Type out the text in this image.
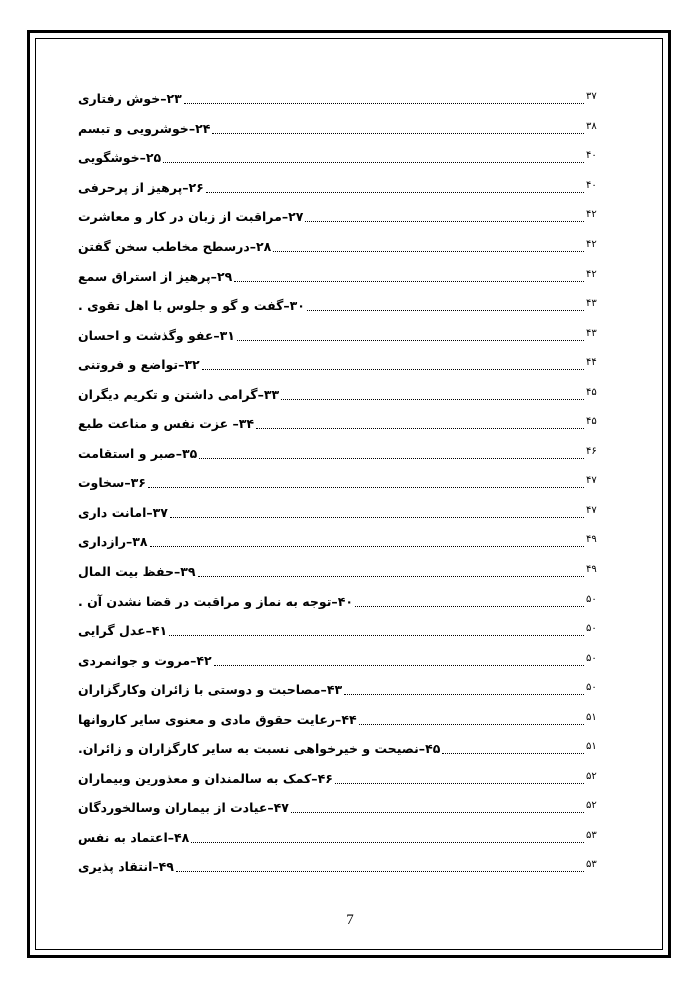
۲۳–خوش رفتاری	۳۷
۲۴–خوشرویی و تبسم	۳۸
۲۵–خوشگویی	۴۰
۲۶–پرهیز از پرحرفی	۴۰
۲۷–مراقبت از زبان در کار و معاشرت	۴۲
۲۸–درسطح مخاطب سخن گفتن	۴۲
۲۹–پرهیز از استراق سمع	۴۲
۳۰–گفت و گو و جلوس با اهل تقوی .	۴۳
۳۱–عفو وگذشت و احسان	۴۳
۳۲–تواضع و فروتنی	۴۴
۳۳–گرامی داشتن و تکریم دیگران	۴۵
۳۴– عزت نفس و مناعت طبع	۴۵
۳۵–صبر و استقامت	۴۶
۳۶–سخاوت	۴۷
۳۷–امانت داری	۴۷
۳۸–رازداری	۴۹
۳۹–حفظ بیت المال	۴۹
۴۰–توجه به نماز و مراقبت در قضا نشدن آن .	۵۰
۴۱–عدل گرایی	۵۰
۴۲–مروت و جوانمردی	۵۰
۴۳–مصاحبت و دوستی با زائران وکارگزاران	۵۰
۴۴–رعایت حقوق مادی و معنوی سایر کاروانها	۵۱
۴۵–نصیحت و خیرخواهی نسبت به سایر کارگزاران و زائران.	۵۱
۴۶–کمک به سالمندان و معذورین وبیماران	۵۲
۴۷–عیادت از بیماران وسالخوردگان	۵۲
۴۸–اعتماد به نفس	۵۳
۴۹–انتقاد پذیری	۵۳
7
